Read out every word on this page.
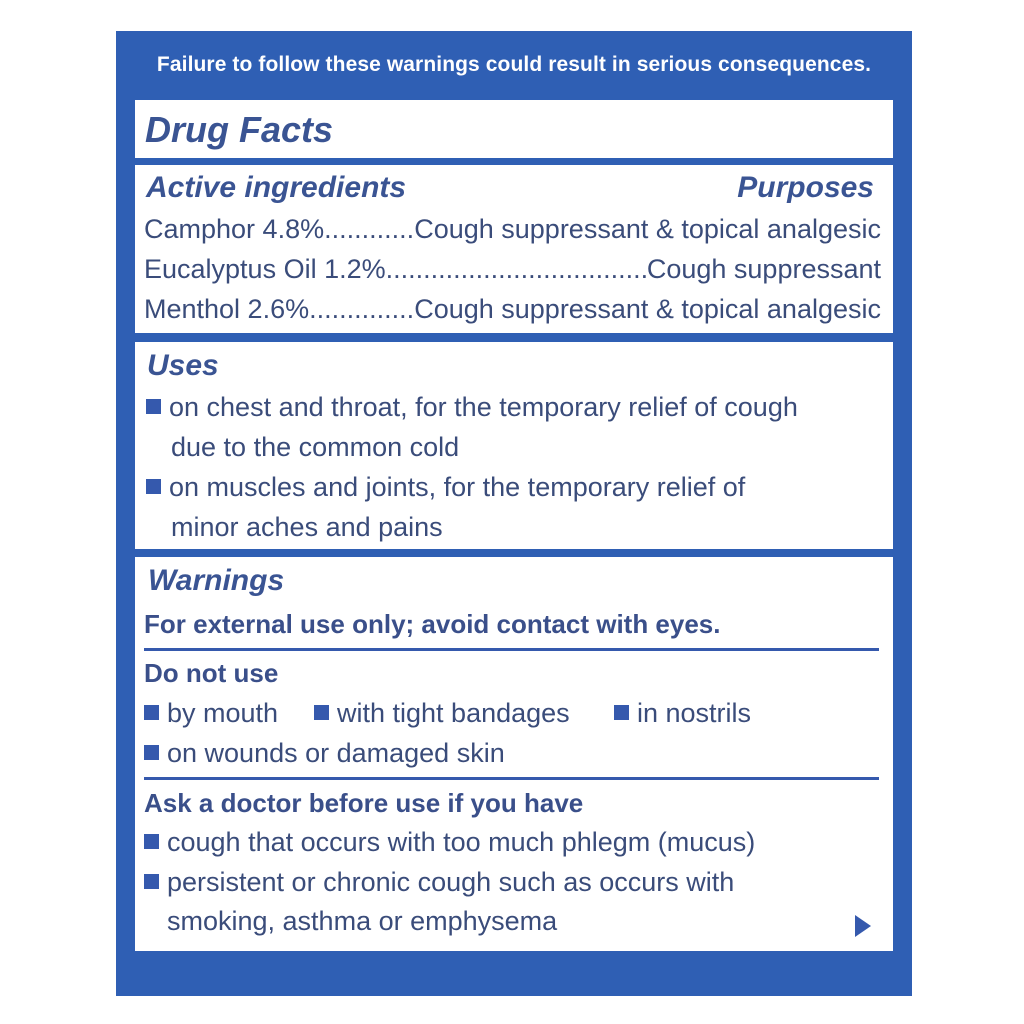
Failure to follow these warnings could result in serious consequences.
Drug Facts
Active ingredients	Purposes
Camphor 4.8% .....	Cough suppressant & topical analgesic
Eucalyptus Oil 1.2% .....	Cough suppressant
Menthol 2.6% .....	Cough suppressant & topical analgesic
Uses
on chest and throat, for the temporary relief of cough
due to the common cold
on muscles and joints, for the temporary relief of
minor aches and pains
Warnings
For external use only; avoid contact with eyes.
Do not use
by mouth	with tight bandages	in nostrils
on wounds or damaged skin
Ask a doctor before use if you have
cough that occurs with too much phlegm (mucus)
persistent or chronic cough such as occurs with
smoking, asthma or emphysema
